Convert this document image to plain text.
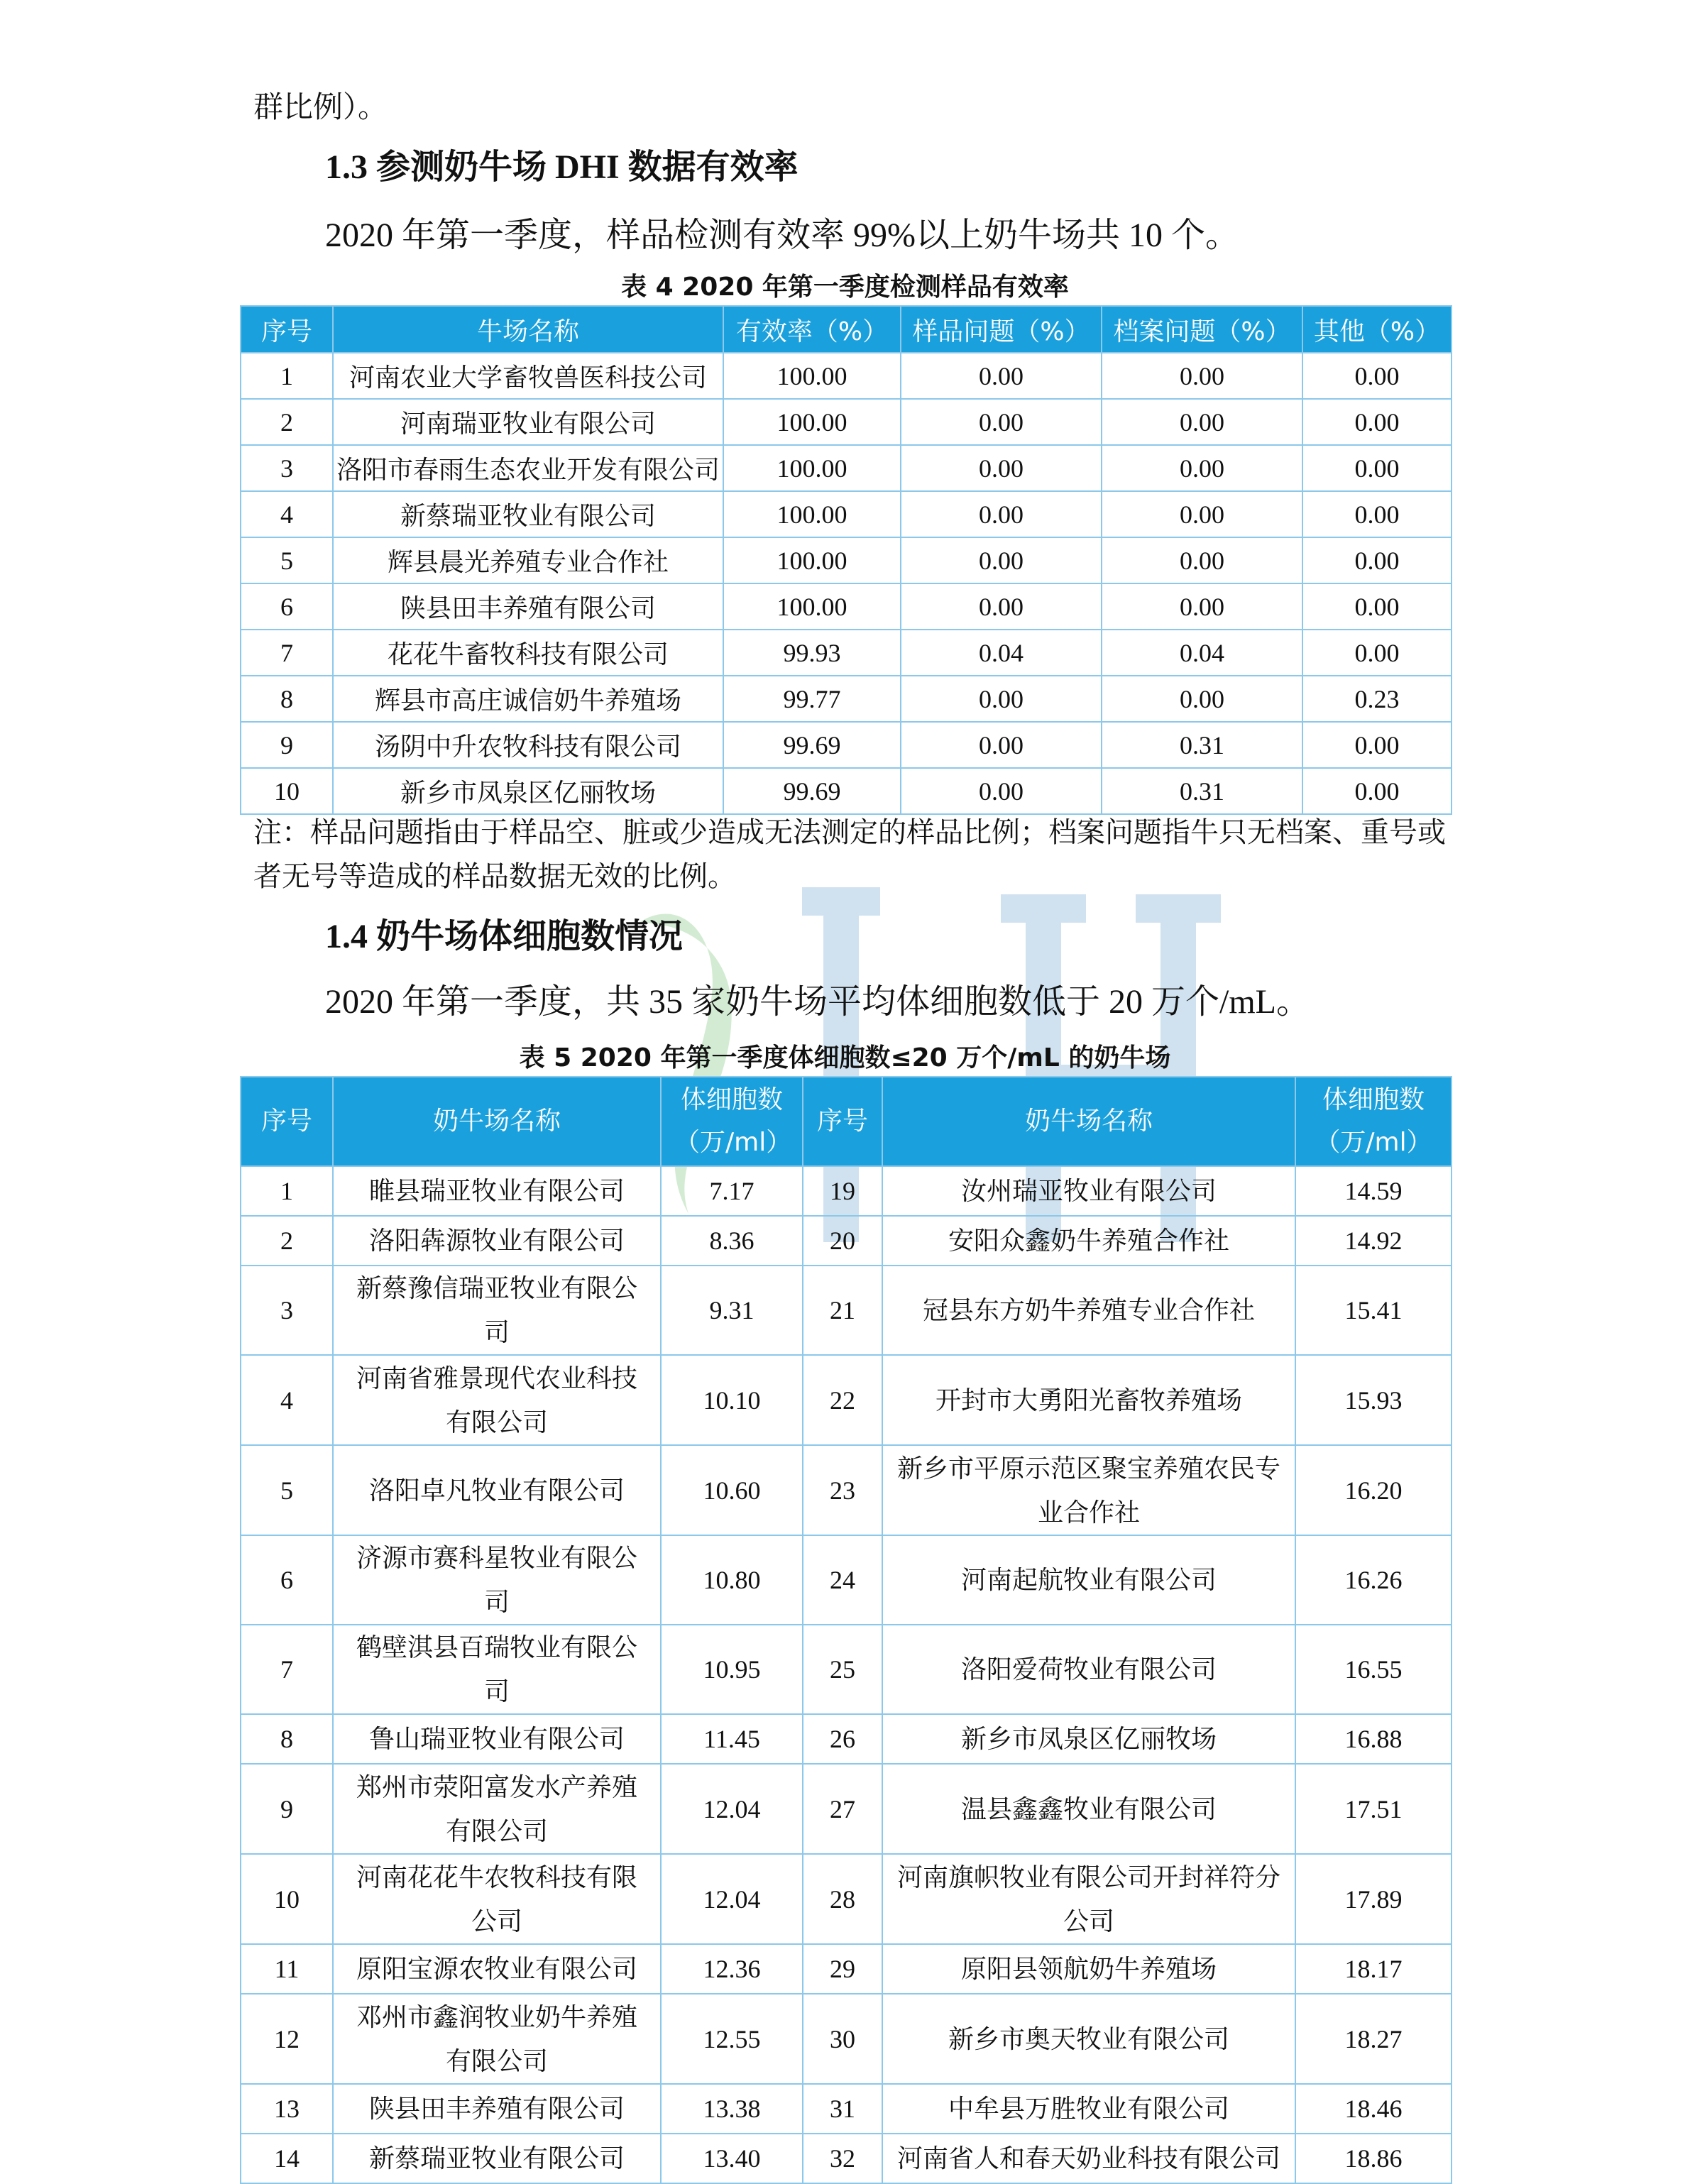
群比例）。
1.3 参测奶牛场 DHI 数据有效率
2020 年第一季度，样品检测有效率 99%以上奶牛场共 10 个。
表 4 2020 年第一季度检测样品有效率
序号	牛场名称	有效率（%）	样品问题（%）	档案问题（%）	其他（%）
1	河南农业大学畜牧兽医科技公司	100.00	0.00	0.00	0.00
2	河南瑞亚牧业有限公司	100.00	0.00	0.00	0.00
3	洛阳市春雨生态农业开发有限公司	100.00	0.00	0.00	0.00
4	新蔡瑞亚牧业有限公司	100.00	0.00	0.00	0.00
5	辉县晨光养殖专业合作社	100.00	0.00	0.00	0.00
6	陕县田丰养殖有限公司	100.00	0.00	0.00	0.00
7	花花牛畜牧科技有限公司	99.93	0.04	0.04	0.00
8	辉县市高庄诚信奶牛养殖场	99.77	0.00	0.00	0.23
9	汤阴中升农牧科技有限公司	99.69	0.00	0.31	0.00
10	新乡市凤泉区亿丽牧场	99.69	0.00	0.31	0.00
注：样品问题指由于样品空、脏或少造成无法测定的样品比例；档案问题指牛只无档案、重号或者无号等造成的样品数据无效的比例。
1.4 奶牛场体细胞数情况
2020 年第一季度，共 35 家奶牛场平均体细胞数低于 20 万个/mL。
表 5 2020 年第一季度体细胞数≤20 万个/mL 的奶牛场
序号	奶牛场名称	体细胞数（万/ml）	序号	奶牛场名称	体细胞数（万/ml）
1	睢县瑞亚牧业有限公司	7.17	19	汝州瑞亚牧业有限公司	14.59
2	洛阳犇源牧业有限公司	8.36	20	安阳众鑫奶牛养殖合作社	14.92
3	新蔡豫信瑞亚牧业有限公司	9.31	21	冠县东方奶牛养殖专业合作社	15.41
4	河南省雅景现代农业科技有限公司	10.10	22	开封市大勇阳光畜牧养殖场	15.93
5	洛阳卓凡牧业有限公司	10.60	23	新乡市平原示范区聚宝养殖农民专业合作社	16.20
6	济源市赛科星牧业有限公司	10.80	24	河南起航牧业有限公司	16.26
7	鹤壁淇县百瑞牧业有限公司	10.95	25	洛阳爱荷牧业有限公司	16.55
8	鲁山瑞亚牧业有限公司	11.45	26	新乡市凤泉区亿丽牧场	16.88
9	郑州市荥阳富发水产养殖有限公司	12.04	27	温县鑫鑫牧业有限公司	17.51
10	河南花花牛农牧科技有限公司	12.04	28	河南旗帜牧业有限公司开封祥符分公司	17.89
11	原阳宝源农牧业有限公司	12.36	29	原阳县领航奶牛养殖场	18.17
12	邓州市鑫润牧业奶牛养殖有限公司	12.55	30	新乡市奥天牧业有限公司	18.27
13	陕县田丰养殖有限公司	13.38	31	中牟县万胜牧业有限公司	18.46
14	新蔡瑞亚牧业有限公司	13.40	32	河南省人和春天奶业科技有限公司	18.86
